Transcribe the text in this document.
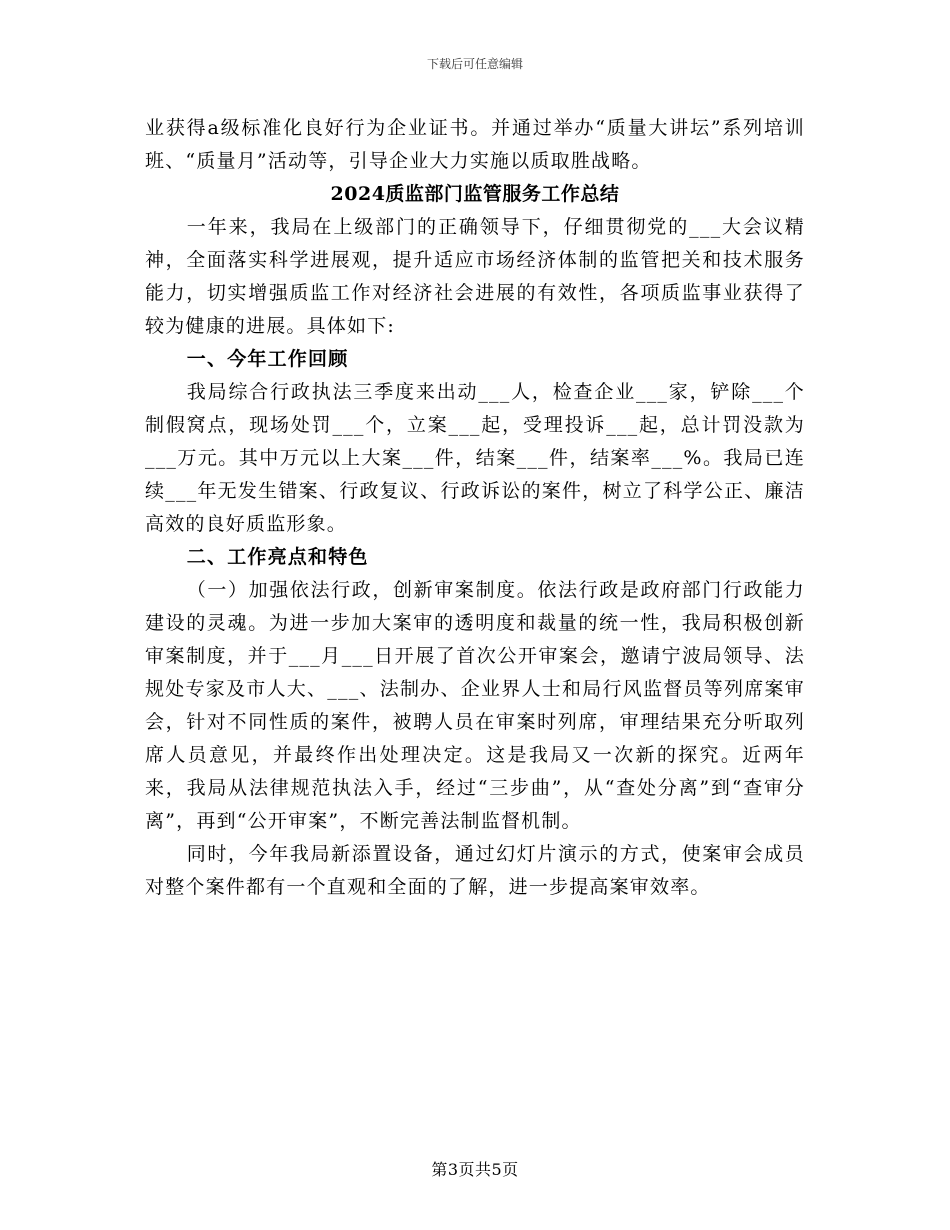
下载后可任意编辑

业获得a级标准化良好行为企业证书。并通过举办“质量大讲坛”系列培训班、“质量月”活动等，引导企业大力实施以质取胜战略。

2024质监部门监管服务工作总结

一年来，我局在上级部门的正确领导下，仔细贯彻党的___大会议精神，全面落实科学进展观，提升适应市场经济体制的监管把关和技术服务能力，切实增强质监工作对经济社会进展的有效性，各项质监事业获得了较为健康的进展。具体如下:

一、今年工作回顾

我局综合行政执法三季度来出动___人，检查企业___家，铲除___个制假窝点，现场处罚___个，立案___起，受理投诉___起，总计罚没款为___万元。其中万元以上大案___件，结案___件，结案率___%。我局已连续___年无发生错案、行政复议、行政诉讼的案件，树立了科学公正、廉洁高效的良好质监形象。

二、工作亮点和特色

（一）加强依法行政，创新审案制度。依法行政是政府部门行政能力建设的灵魂。为进一步加大案审的透明度和裁量的统一性，我局积极创新审案制度，并于___月___日开展了首次公开审案会，邀请宁波局领导、法规处专家及市人大、___、法制办、企业界人士和局行风监督员等列席案审会，针对不同性质的案件，被聘人员在审案时列席，审理结果充分听取列席人员意见，并最终作出处理决定。这是我局又一次新的探究。近两年来，我局从法律规范执法入手，经过“三步曲”，从“查处分离”到“查审分离”，再到“公开审案”，不断完善法制监督机制。

同时，今年我局新添置设备，通过幻灯片演示的方式，使案审会成员对整个案件都有一个直观和全面的了解，进一步提高案审效率。

第3页共5页
